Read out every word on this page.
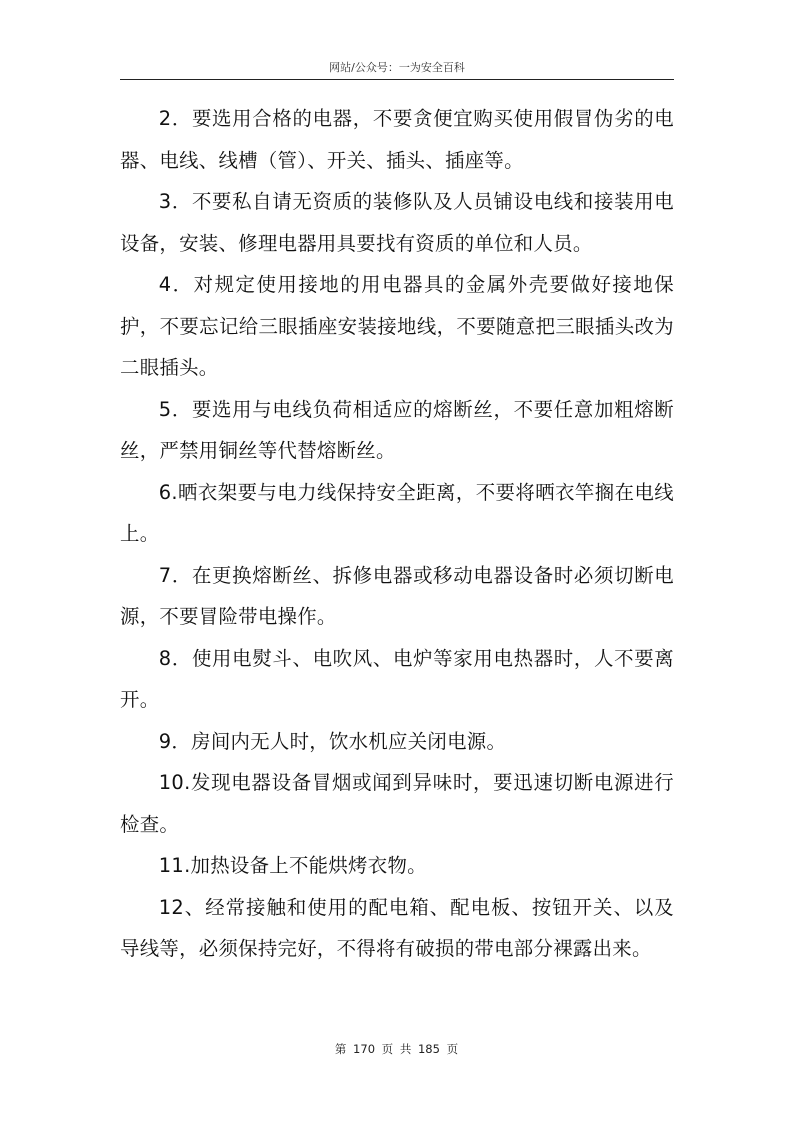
网站/公众号：一为安全百科

2．要选用合格的电器，不要贪便宜购买使用假冒伪劣的电器、电线、线槽（管）、开关、插头、插座等。

3．不要私自请无资质的装修队及人员铺设电线和接装用电设备，安装、修理电器用具要找有资质的单位和人员。

4．对规定使用接地的用电器具的金属外壳要做好接地保护，不要忘记给三眼插座安装接地线，不要随意把三眼插头改为二眼插头。

5．要选用与电线负荷相适应的熔断丝，不要任意加粗熔断丝，严禁用铜丝等代替熔断丝。

6.晒衣架要与电力线保持安全距离，不要将晒衣竿搁在电线上。

7．在更换熔断丝、拆修电器或移动电器设备时必须切断电源，不要冒险带电操作。

8．使用电熨斗、电吹风、电炉等家用电热器时，人不要离开。

9．房间内无人时，饮水机应关闭电源。

10.发现电器设备冒烟或闻到异味时，要迅速切断电源进行检查。

11.加热设备上不能烘烤衣物。

12、经常接触和使用的配电箱、配电板、按钮开关、以及导线等，必须保持完好，不得将有破损的带电部分裸露出来。

第 170 页 共 185 页
